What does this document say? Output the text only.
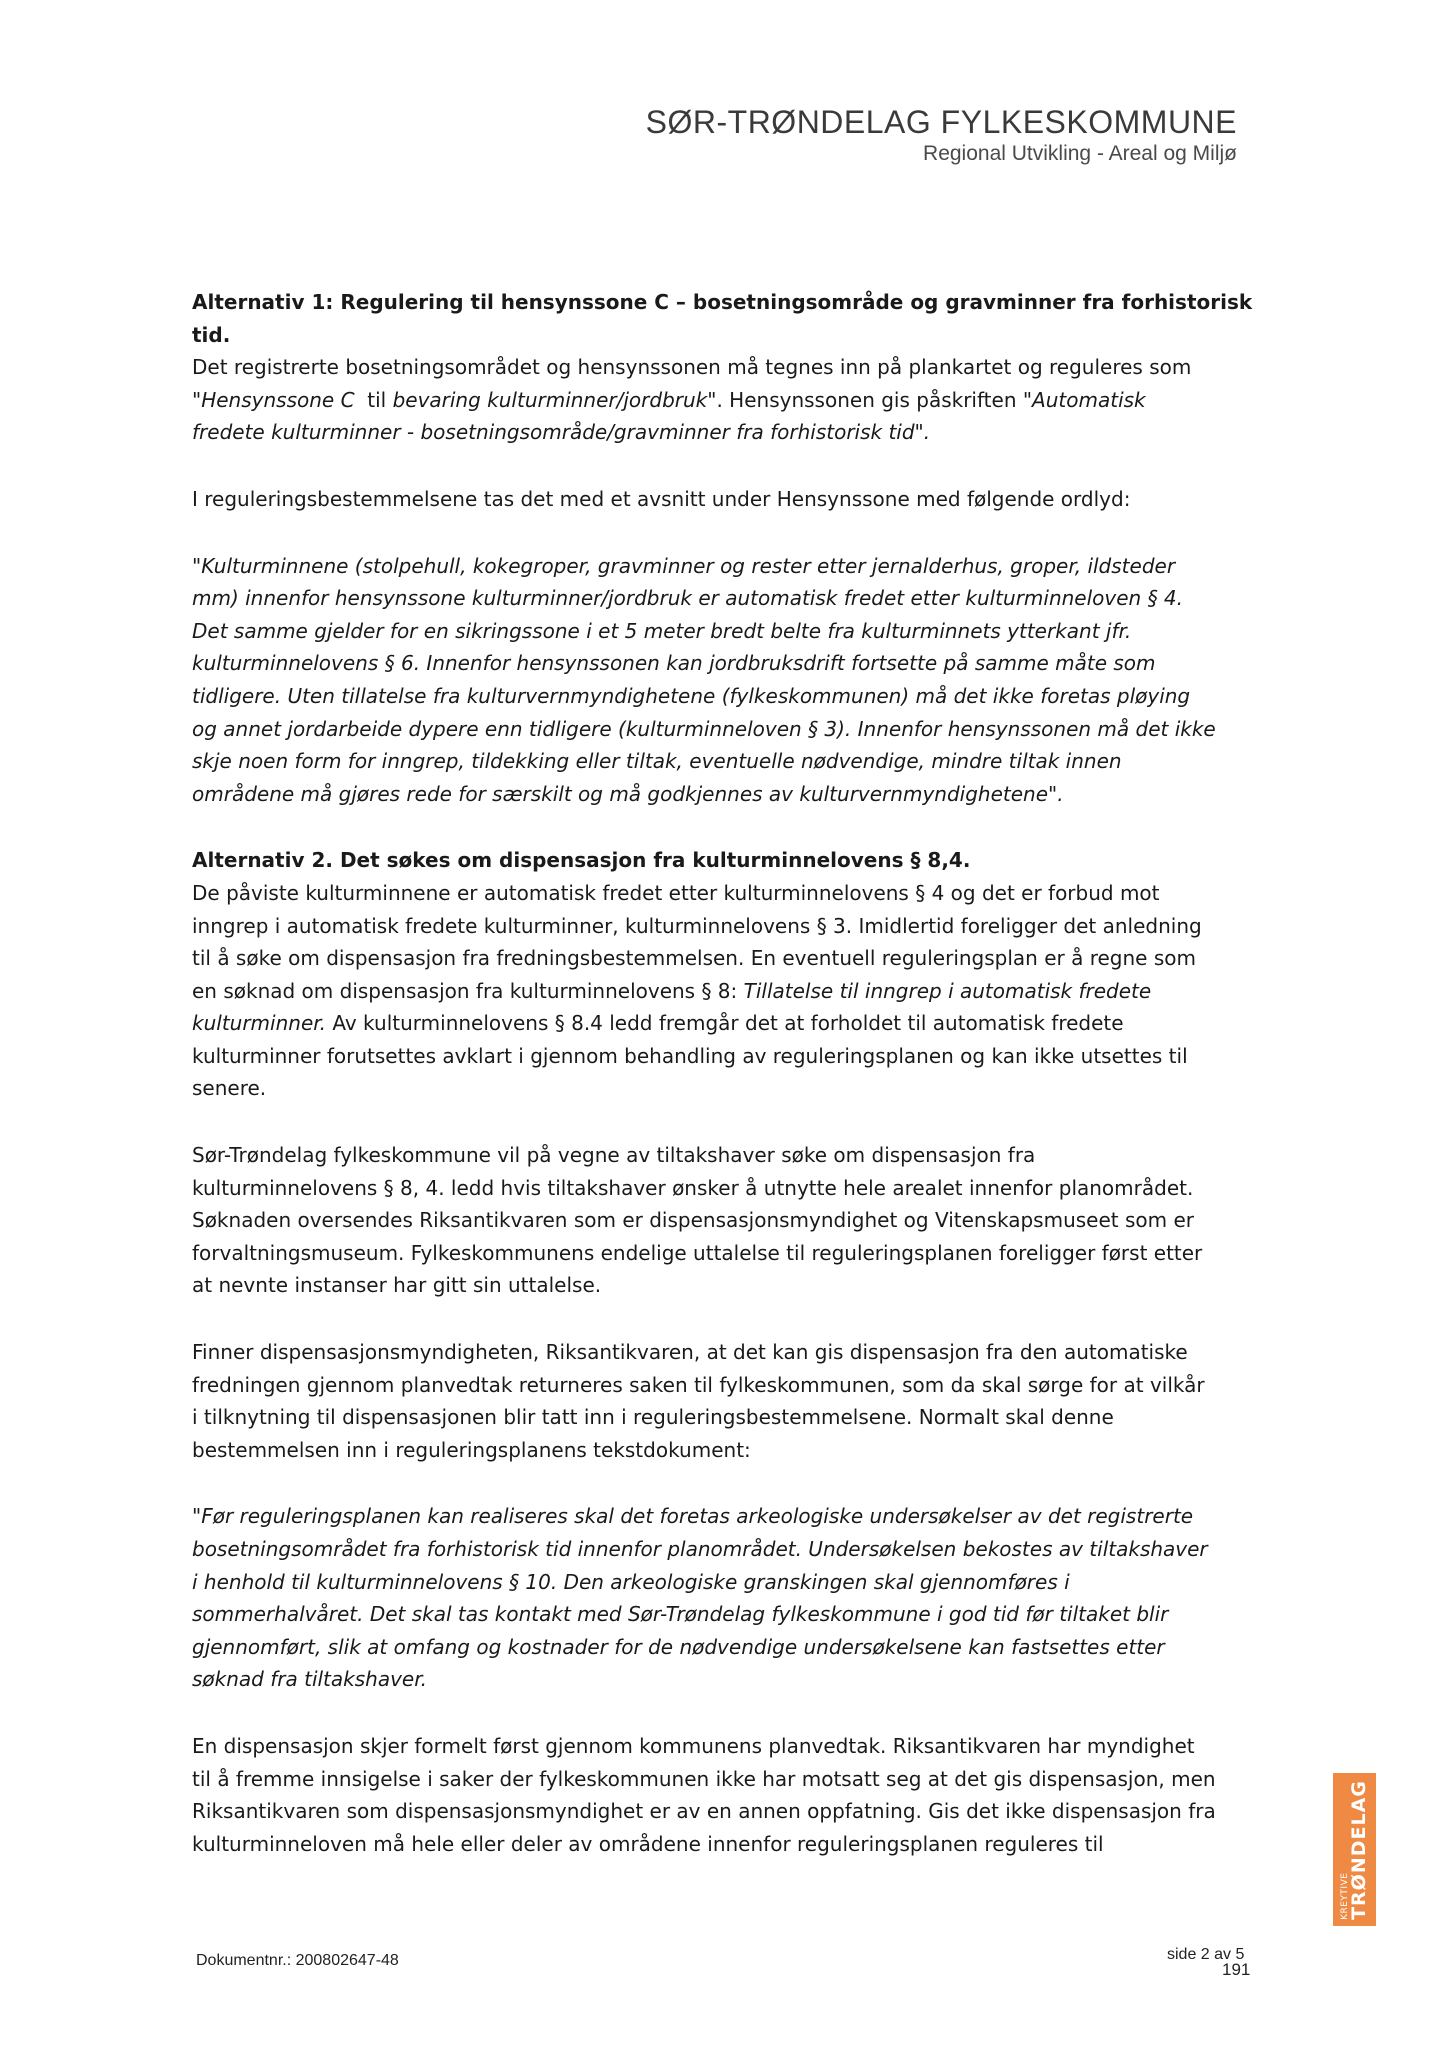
SØR-TRØNDELAG FYLKESKOMMUNE
Regional Utvikling - Areal og Miljø

Alternativ 1: Regulering til hensynssone C – bosetningsområde og gravminner fra forhistorisk tid.

Det registrerte bosetningsområdet og hensynssonen må tegnes inn på plankartet og reguleres som
"Hensynssone C  til bevaring kulturminner/jordbruk". Hensynssonen gis påskriften "Automatisk
fredete kulturminner - bosetningsområde/gravminner fra forhistorisk tid".

I reguleringsbestemmelsene tas det med et avsnitt under Hensynssone med følgende ordlyd:

"Kulturminnene (stolpehull, kokegroper, gravminner og rester etter jernalderhus, groper, ildsteder
mm) innenfor hensynssone kulturminner/jordbruk er automatisk fredet etter kulturminneloven § 4.
Det samme gjelder for en sikringssone i et 5 meter bredt belte fra kulturminnets ytterkant jfr.
kulturminnelovens § 6. Innenfor hensynssonen kan jordbruksdrift fortsette på samme måte som
tidligere. Uten tillatelse fra kulturvernmyndighetene (fylkeskommunen) må det ikke foretas pløying
og annet jordarbeide dypere enn tidligere (kulturminneloven § 3). Innenfor hensynssonen må det ikke
skje noen form for inngrep, tildekking eller tiltak, eventuelle nødvendige, mindre tiltak innen
områdene må gjøres rede for særskilt og må godkjennes av kulturvernmyndighetene".

Alternativ 2. Det søkes om dispensasjon fra kulturminnelovens § 8,4.

De påviste kulturminnene er automatisk fredet etter kulturminnelovens § 4 og det er forbud mot
inngrep i automatisk fredete kulturminner, kulturminnelovens § 3. Imidlertid foreligger det anledning
til å søke om dispensasjon fra fredningsbestemmelsen. En eventuell reguleringsplan er å regne som
en søknad om dispensasjon fra kulturminnelovens § 8: Tillatelse til inngrep i automatisk fredete
kulturminner. Av kulturminnelovens § 8.4 ledd fremgår det at forholdet til automatisk fredete
kulturminner forutsettes avklart i gjennom behandling av reguleringsplanen og kan ikke utsettes til
senere.

Sør-Trøndelag fylkeskommune vil på vegne av tiltakshaver søke om dispensasjon fra
kulturminnelovens § 8, 4. ledd hvis tiltakshaver ønsker å utnytte hele arealet innenfor planområdet.
Søknaden oversendes Riksantikvaren som er dispensasjonsmyndighet og Vitenskapsmuseet som er
forvaltningsmuseum. Fylkeskommunens endelige uttalelse til reguleringsplanen foreligger først etter
at nevnte instanser har gitt sin uttalelse.

Finner dispensasjonsmyndigheten, Riksantikvaren, at det kan gis dispensasjon fra den automatiske
fredningen gjennom planvedtak returneres saken til fylkeskommunen, som da skal sørge for at vilkår
i tilknytning til dispensasjonen blir tatt inn i reguleringsbestemmelsene. Normalt skal denne
bestemmelsen inn i reguleringsplanens tekstdokument:

"Før reguleringsplanen kan realiseres skal det foretas arkeologiske undersøkelser av det registrerte
bosetningsområdet fra forhistorisk tid innenfor planområdet. Undersøkelsen bekostes av tiltakshaver
i henhold til kulturminnelovens § 10. Den arkeologiske granskingen skal gjennomføres i
sommerhalvåret. Det skal tas kontakt med Sør-Trøndelag fylkeskommune i god tid før tiltaket blir
gjennomført, slik at omfang og kostnader for de nødvendige undersøkelsene kan fastsettes etter
søknad fra tiltakshaver.

En dispensasjon skjer formelt først gjennom kommunens planvedtak. Riksantikvaren har myndighet
til å fremme innsigelse i saker der fylkeskommunen ikke har motsatt seg at det gis dispensasjon, men
Riksantikvaren som dispensasjonsmyndighet er av en annen oppfatning. Gis det ikke dispensasjon fra
kulturminneloven må hele eller deler av områdene innenfor reguleringsplanen reguleres til

KREYTIVE
TRØNDELAG
Dokumentnr.: 200802647-48	side 2 av 5
191
